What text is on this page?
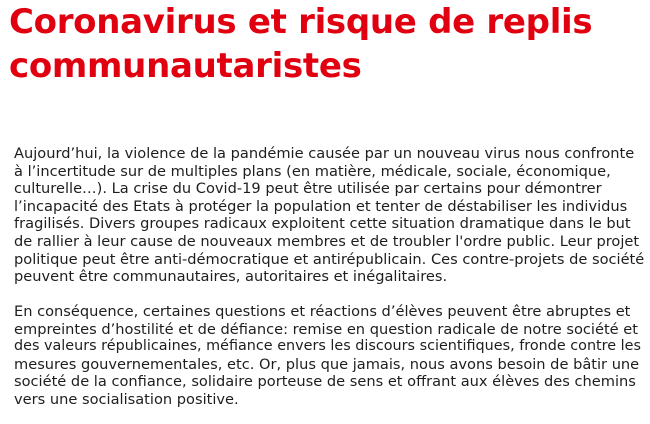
Coronavirus et risque de replis
communautaristes
Aujourd’hui, la violence de la pandémie causée par un nouveau virus nous confronte
à l’incertitude sur de multiples plans (en matière, médicale, sociale, économique,
culturelle…). La crise du Covid-19 peut être utilisée par certains pour démontrer
l’incapacité des Etats à protéger la population et tenter de déstabiliser les individus
fragilisés. Divers groupes radicaux exploitent cette situation dramatique dans le but
de rallier à leur cause de nouveaux membres et de troubler l'ordre public. Leur projet
politique peut être anti-démocratique et antirépublicain. Ces contre-projets de société
peuvent être communautaires, autoritaires et inégalitaires.
En conséquence, certaines questions et réactions d’élèves peuvent être abruptes et
empreintes d’hostilité et de défiance: remise en question radicale de notre société et
des valeurs républicaines, méfiance envers les discours scientifiques, fronde contre les
mesures gouvernementales, etc. Or, plus que jamais, nous avons besoin de bâtir une
société de la confiance, solidaire porteuse de sens et offrant aux élèves des chemins
vers une socialisation positive.
